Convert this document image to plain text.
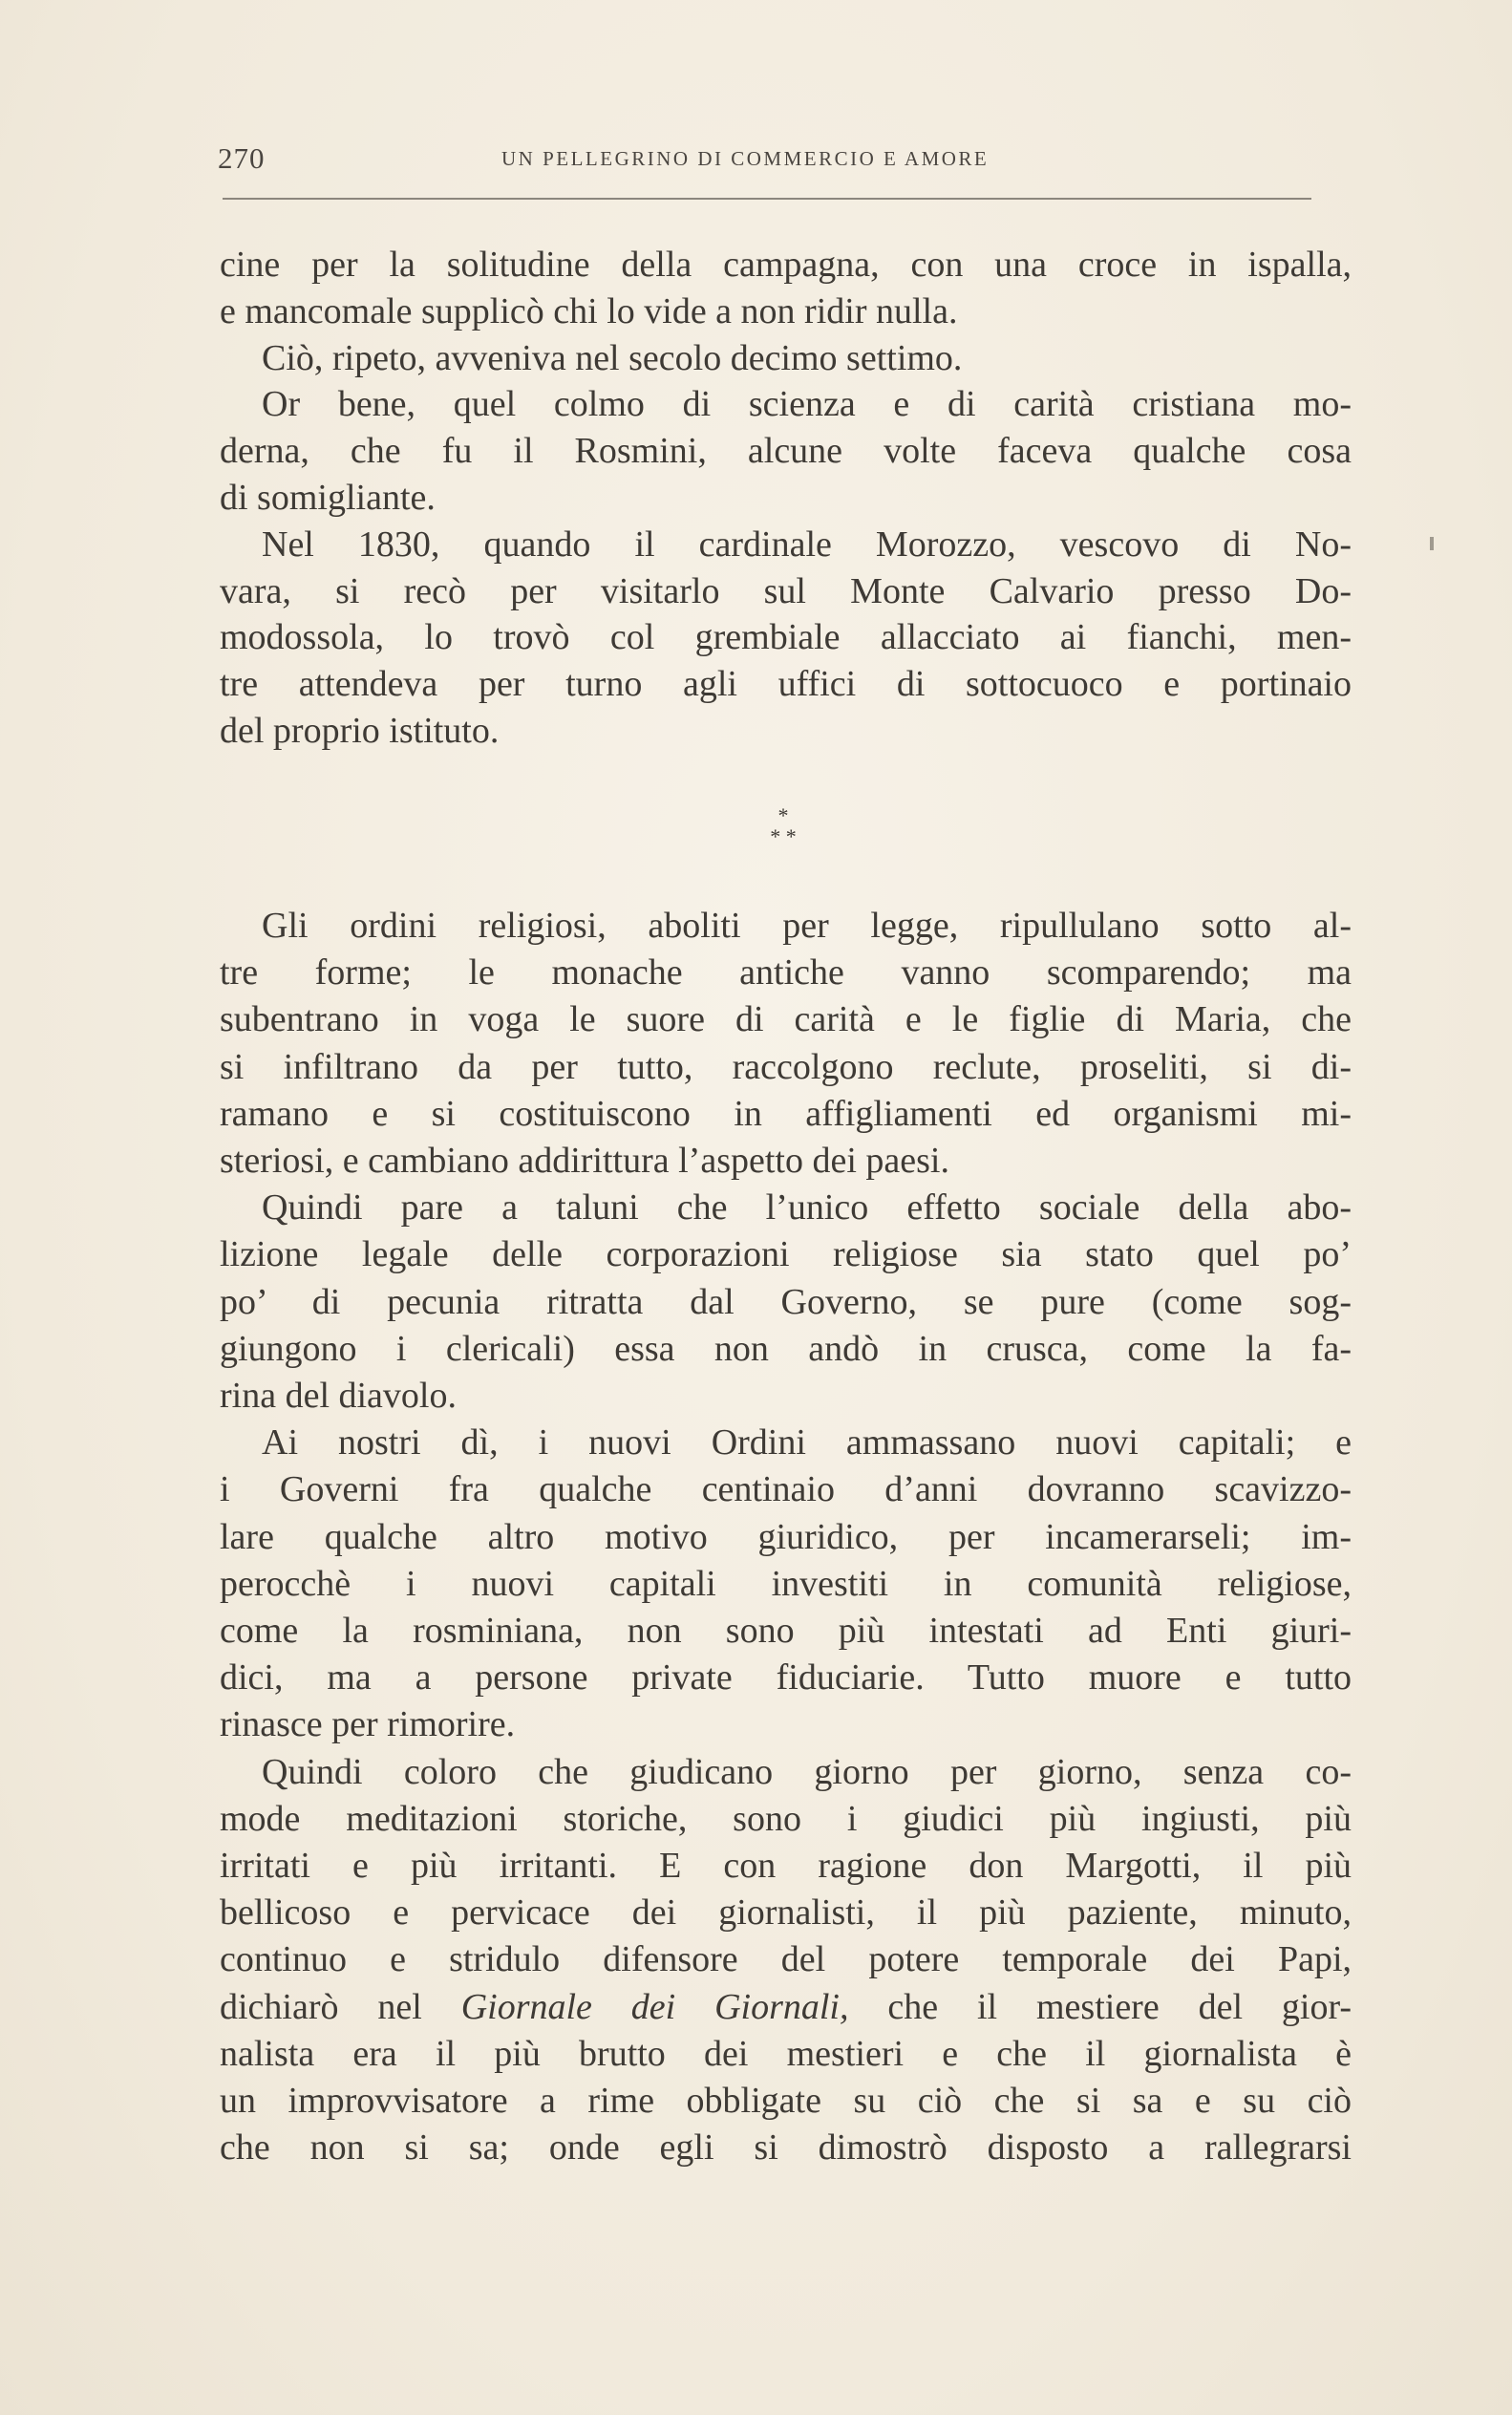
270	UN PELLEGRINO DI COMMERCIO E AMORE
cine per la solitudine della campagna, con una croce in ispalla,
e mancomale supplicò chi lo vide a non ridir nulla.
Ciò, ripeto, avveniva nel secolo decimo settimo.
Or bene, quel colmo di scienza e di carità cristiana mo-
derna, che fu il Rosmini, alcune volte faceva qualche cosa
di somigliante.
Nel 1830, quando il cardinale Morozzo, vescovo di No-
vara, si recò per visitarlo sul Monte Calvario presso Do-
modossola, lo trovò col grembiale allacciato ai fianchi, men-
tre attendeva per turno agli uffici di sottocuoco e portinaio
del proprio istituto.
*
* *
Gli ordini religiosi, aboliti per legge, ripullulano sotto al-
tre forme; le monache antiche vanno scomparendo; ma
subentrano in voga le suore di carità e le figlie di Maria, che
si infiltrano da per tutto, raccolgono reclute, proseliti, si di-
ramano e si costituiscono in affigliamenti ed organismi mi-
steriosi, e cambiano addirittura l’aspetto dei paesi.
Quindi pare a taluni che l’unico effetto sociale della abo-
lizione legale delle corporazioni religiose sia stato quel po’
po’ di pecunia ritratta dal Governo, se pure (come sog-
giungono i clericali) essa non andò in crusca, come la fa-
rina del diavolo.
Ai nostri dì, i nuovi Ordini ammassano nuovi capitali; e
i Governi fra qualche centinaio d’anni dovranno scavizzo-
lare qualche altro motivo giuridico, per incamerarseli; im-
perocchè i nuovi capitali investiti in comunità religiose,
come la rosminiana, non sono più intestati ad Enti giuri-
dici, ma a persone private fiduciarie. Tutto muore e tutto
rinasce per rimorire.
Quindi coloro che giudicano giorno per giorno, senza co-
mode meditazioni storiche, sono i giudici più ingiusti, più
irritati e più irritanti. E con ragione don Margotti, il più
bellicoso e pervicace dei giornalisti, il più paziente, minuto,
continuo e stridulo difensore del potere temporale dei Papi,
dichiarò nel Giornale dei Giornali, che il mestiere del gior-
nalista era il più brutto dei mestieri e che il giornalista è
un improvvisatore a rime obbligate su ciò che si sa e su ciò
che non si sa; onde egli si dimostrò disposto a rallegrarsi
